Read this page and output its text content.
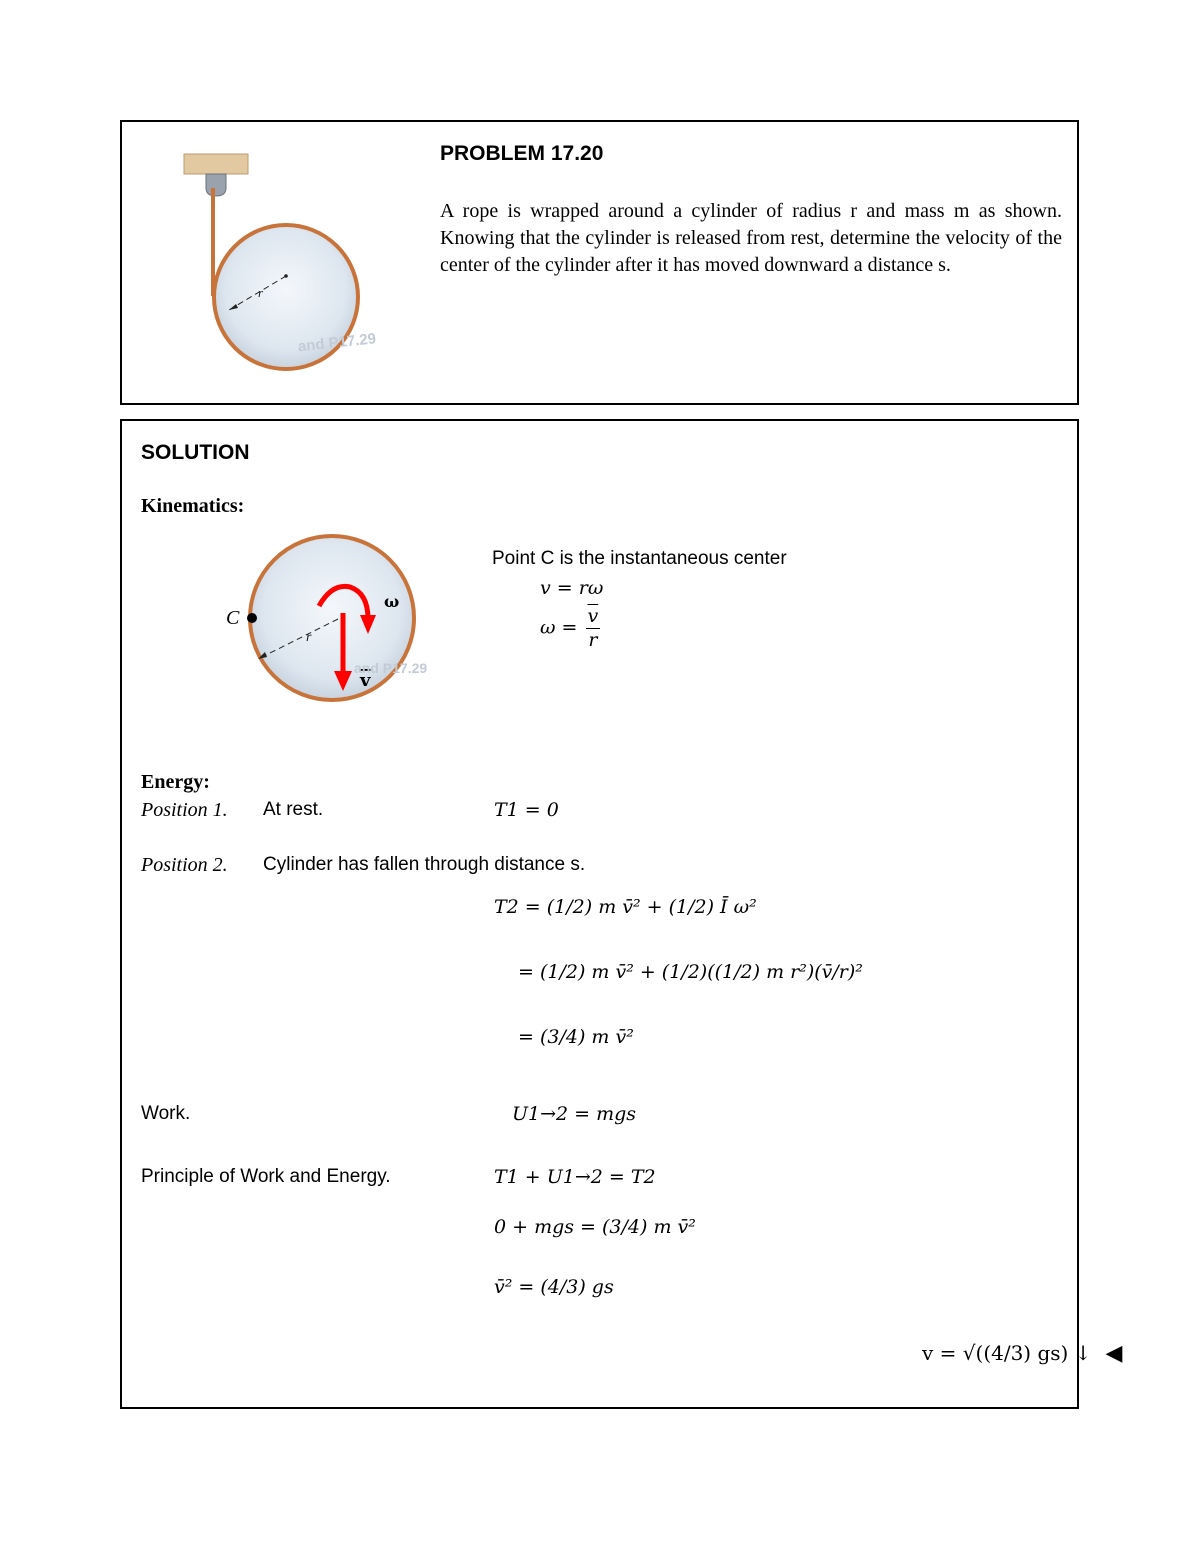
r
and P17.29
PROBLEM 17.20
A rope is wrapped around a cylinder of radius r and mass m as shown. Knowing that the cylinder is released from rest, determine the velocity of the center of the cylinder after it has moved downward a distance s.
SOLUTION
Kinematics:
r
C
ω
v
and P17.29
Point C is the instantaneous center
v = rω
$\omega = \frac{\overline{v}}{r}$
Energy:
Position 1. At rest.	T1 = 0
Position 2. Cylinder has fallen through distance s.
T2 = (1/2) m v̄² + (1/2) Ī ω²
= (1/2) m v̄² + (1/2)((1/2) m r²)(v̄/r)²
= (3/4) m v̄²
Work.	U1→2 = mgs
Principle of Work and Energy.	T1 + U1→2 = T2
0 + mgs = (3/4) m v̄²
v̄² = (4/3) gs
v = √((4/3) gs) ↓ ◀
